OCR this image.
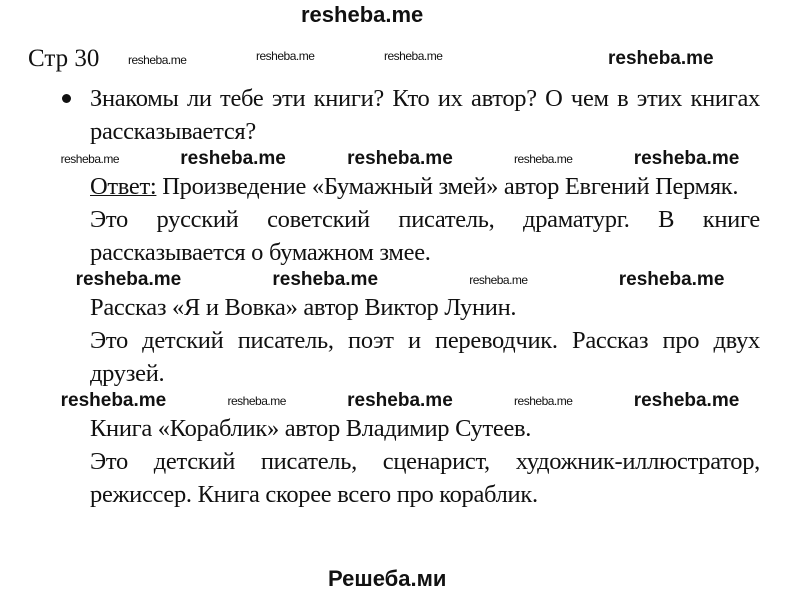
resheba.me
Стр 30 resheba.me	resheba.me	resheba.me	resheba.me
Знакомы ли тебе эти книги? Кто их автор? О чем в этих книгах рассказывается?
resheba.me	resheba.me	resheba.me	resheba.me	resheba.me
Ответ: Произведение «Бумажный змей» автор Евгений Пермяк.
Это русский советский писатель, драматург. В книге рассказывается о бумажном змее.
resheba.me	resheba.me	resheba.me	resheba.me
Рассказ «Я и Вовка» автор Виктор Лунин.
Это детский писатель, поэт и переводчик. Рассказ про двух друзей.
resheba.me	resheba.me	resheba.me	resheba.me	resheba.me
Книга «Кораблик» автор Владимир Сутеев.
Это детский писатель, сценарист, художник-иллюстратор, режиссер. Книга скорее всего про кораблик.
Решеба.ми
